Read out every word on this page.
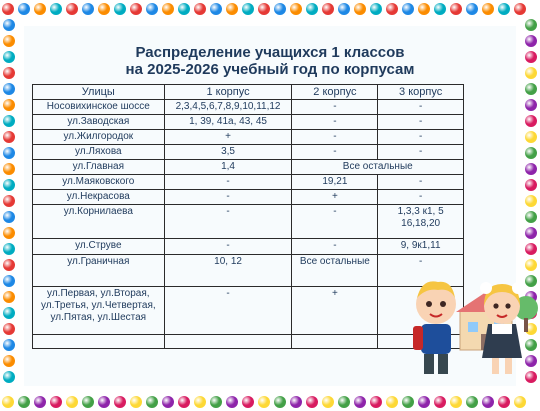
Распределение учащихся 1 классов
на 2025-2026 учебный год по корпусам
Улицы	1 корпус	2 корпус	3 корпус
Носовихинское шоссе	2,3,4,5,6,7,8,9,10,11,12	-	-
ул.Заводская	1, 39, 41а, 43, 45	-	-
ул.Жилгородок	+	-	-
ул.Ляхова	3,5	-	-
ул.Главная	1,4	Все остальные	
ул.Маяковского	-	19,21	-
ул.Некрасова	-	+	-
ул.Корнилаева	-	-	1,3,3 к1, 5 16,18,20
ул.Струве	-	-	9, 9к1,11
ул.Граничная	10, 12	Все остальные	-
ул.Первая, ул.Вторая, ул.Третья, ул.Четвертая, ул.Пятая, ул.Шестая	-	+	
